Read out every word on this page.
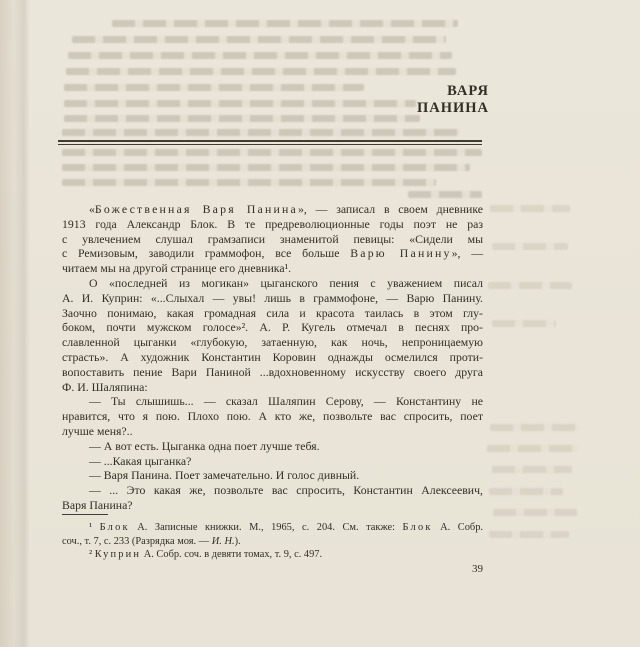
ВАРЯ
ПАНИНА
«Божественная Варя Панина», — записал в своем дневнике
1913 года Александр Блок. В те предреволюционные годы поэт не раз
с увлечением слушал грамзаписи знаменитой певицы: «Сидели мы
с Ремизовым, заводили граммофон, все больше Варю Панину», —
читаем мы на другой странице его дневника¹.
О «последней из могикан» цыганского пения с уважением писал
А. И. Куприн: «...Слыхал — увы! лишь в граммофоне, — Варю Панину.
Заочно понимаю, какая громадная сила и красота таилась в этом глу-
боком, почти мужском голосе»². А. Р. Кугель отмечал в песнях про-
славленной цыганки «глубокую, затаенную, как ночь, непроницаемую
страсть». А художник Константин Коровин однажды осмелился проти-
вопоставить пение Вари Паниной ...вдохновенному искусству своего друга
Ф. И. Шаляпина:
— Ты слышишь... — сказал Шаляпин Серову, — Константину не
нравится, что я пою. Плохо пою. А кто же, позвольте вас спросить, поет
лучше меня?..
— А вот есть. Цыганка одна поет лучше тебя.
— ...Какая цыганка?
— Варя Панина. Поет замечательно. И голос дивный.
— ... Это какая же, позвольте вас спросить, Константин Алексеевич,
Варя Панина?
¹ Блок А. Записные книжки. М., 1965, с. 204. См. также: Блок А. Собр.
соч., т. 7, с. 233 (Разрядка моя. — И. Н.).
² Куприн А. Собр. соч. в девяти томах, т. 9, с. 497.
39
